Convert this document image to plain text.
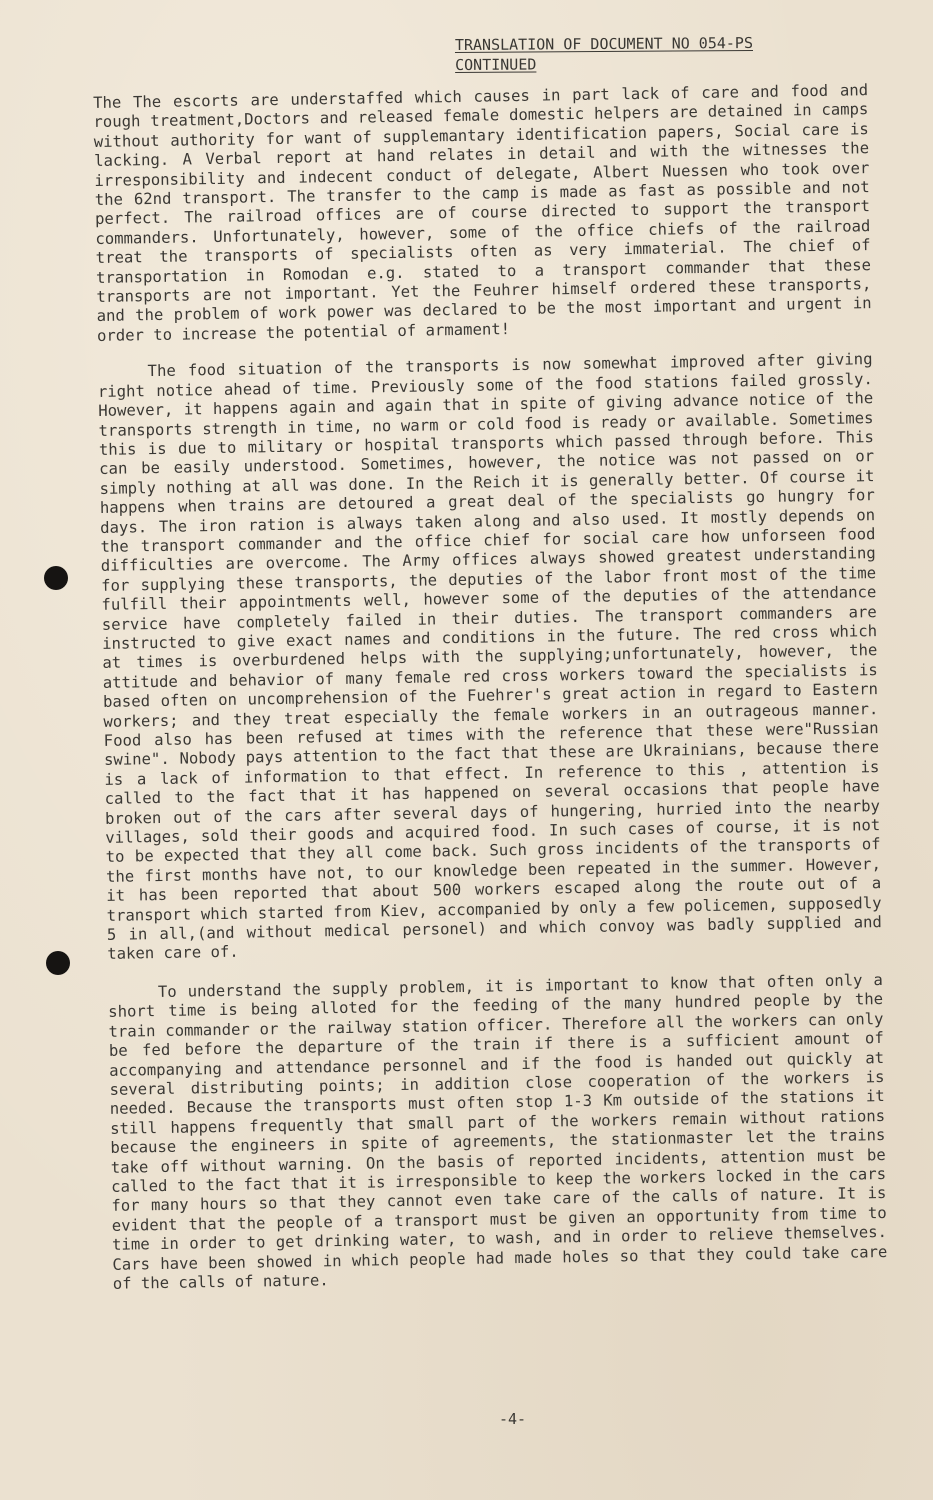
TRANSLATION OF DOCUMENT NO 054-PS
CONTINUED

The The escorts are understaffed which causes in part lack of care and food and rough treatment,Doctors and released female domestic helpers are detained in camps without authority for want of supplemantary identification papers, Social care is lacking. A Verbal report at hand relates in detail and with the witnesses the irresponsibility and indecent conduct of delegate, Albert Nuessen who took over the 62nd transport. The transfer to the camp is made as fast as possible and not perfect. The railroad offices are of course directed to support the transport commanders. Unfortunately, however, some of the office chiefs of the railroad treat the transports of specialists often as very immaterial. The chief of transportation in Romodan e.g. stated to a transport commander that these transports are not important. Yet the Feuhrer himself ordered these transports, and the problem of work power was declared to be the most important and urgent in order to increase the potential of armament!

The food situation of the transports is now somewhat improved after giving right notice ahead of time. Previously some of the food stations failed grossly. However, it happens again and again that in spite of giving advance notice of the transports strength in time, no warm or cold food is ready or available. Sometimes this is due to military or hospital transports which passed through before. This can be easily understood. Sometimes, however, the notice was not passed on or simply nothing at all was done. In the Reich it is generally better. Of course it happens when trains are detoured a great deal of the specialists go hungry for days. The iron ration is always taken along and also used. It mostly depends on the transport commander and the office chief for social care how unforseen food difficulties are overcome. The Army offices always showed greatest understanding for supplying these transports, the deputies of the labor front most of the time fulfill their appointments well, however some of the deputies of the attendance service have completely failed in their duties. The transport commanders are instructed to give exact names and conditions in the future. The red cross which at times is overburdened helps with the supplying;unfortunately, however, the attitude and behavior of many female red cross workers toward the specialists is based often on uncomprehension of the Fuehrer's great action in regard to Eastern workers; and they treat especially the female workers in an outrageous manner. Food also has been refused at times with the reference that these were"Russian swine". Nobody pays attention to the fact that these are Ukrainians, because there is a lack of information to that effect. In reference to this , attention is called to the fact that it has happened on several occasions that people have broken out of the cars after several days of hungering, hurried into the nearby villages, sold their goods and acquired food. In such cases of course, it is not to be expected that they all come back. Such gross incidents of the transports of the first months have not, to our knowledge been repeated in the summer. However, it has been reported that about 500 workers escaped along the route out of a transport which started from Kiev, accompanied by only a few policemen, supposedly 5 in all,(and without medical personel) and which convoy was badly supplied and taken care of.

To understand the supply problem, it is important to know that often only a short time is being alloted for the feeding of the many hundred people by the train commander or the railway station officer. Therefore all the workers can only be fed before the departure of the train if there is a sufficient amount of accompanying and attendance personnel and if the food is handed out quickly at several distributing points; in addition close cooperation of the workers is needed. Because the transports must often stop 1-3 Km outside of the stations it still happens frequently that small part of the workers remain without rations because the engineers in spite of agreements, the stationmaster let the trains take off without warning. On the basis of reported incidents, attention must be called to the fact that it is irresponsible to keep the workers locked in the cars for many hours so that they cannot even take care of the calls of nature. It is evident that the people of a transport must be given an opportunity from time to time in order to get drinking water, to wash, and in order to relieve themselves. Cars have been showed in which people had made holes so that they could take care of the calls of nature.

-4-
